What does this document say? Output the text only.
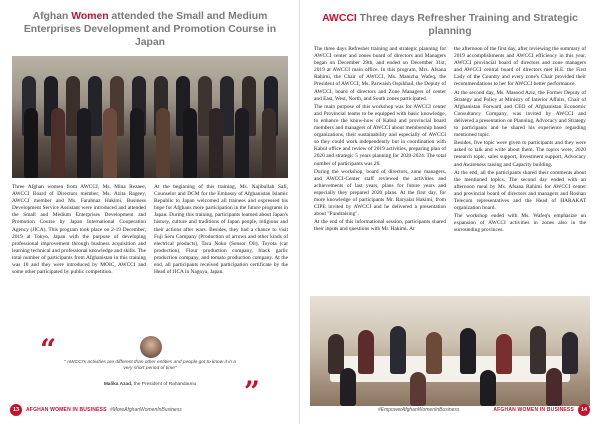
Afghan Women attended the Small and Medium Enterprises Development and Promotion Course in Japan
Three Afghan women from AWCCI, Ms. Mina Rezaee, AWCCI Board of Directors member, Ms. Azita Rageey, AWCCI member and Ms. Farahnaz Hakimi, Business Development Service Assistant were introduced and attended the Small and Medium Enterprises Development and Promotion Course by Japan International Cooperation Agency (JICA). This program took place on 2-19 December, 2019 at Tokyo, Japan with the purpose of developing professional improvement through business acquisition and learning technical and professional knowledge and skills. The total number of participants from Afghanistan in this training was 10 and they were introduced by MOIC, AWCCI and some other participated by public competition.
At the beginning of this training, Ms. Najibullah Safi, Counselor and DCM for the Embassy of Afghanistan Islamic Republic to Japan welcomed all trainees and expressed his hope for Afghans more participation in the future programs in Japan. During this training, participants learned about Japan's history, culture and traditions of Japan people, religions and their actions after wars. Besides, they had a chance to visit Fuji Seru Company (Production of arrows and other kinds of electrical products), Taca Noko (Sensor Oil), Toyota (car production), Flour production company, black garlic production company, and tomato production company. At the end, all participants received participation certificate by the Head of JICA in Nagoya, Japan.
“	" AWCCI's activities are different than other entities and people got to know it in a very short period of time"
Malika Azad, the President of Rahandaunu	”
13	AFGHAN WOMEN IN BUSINESS #MoreAfghanWomenInBusiness
AWCCI Three days Refresher Training and Strategic planning

The three days Refresher training and strategic planning for AWCCI center and zones board of directors and Managers began on December 29th, and ended on December 31st, 2019 at AWCCI main office. In this program, Mrs. Afsana Rahimi, the Chair of AWCCI, Ms. Manizha Wafeq, the President of AWCCI, Ms. Parwaish Ospikhail, the Deputy of AWCCI, board of directors and Zone Managers of center and East, West, North, and South zones participated.

The main purpose of this workshop was for AWCCI center and Provincial teams to be equipped with basic knowledge, to enhance the know-how of Kabul and provincial board members and managers of AWCCI about membership based organizations, their sustainability and especially of AWCCI so they could work independently but in coordination with Kabul office and review of 2019 activities, preparing plan of 2020 and strategic 5 years planning for 2020-2024. The total number of participants was 26.

During the workshop, board of directors, zone managers, and AWCCI-Center staff reviewed the activities and achievements of last years, plans for future years and especially they prepared 2020 plans. At the first day, for more knowledge of participants Mr. Baryalai Hakimi, from CIPE invited by AWCCI and he delivered a presentation about "Fundraising".

At the end of this informational session, participants shared their inputs and questions with Mr. Hakimi. At

the afternoon of the first day, after reviewing the summary of 2019 accomplishments and AWCCI efficiency in this year, AWCCI provincial board of directors and zone managers and AWCCI central board of directors met H.E. the First Lady of the Country and every zone's Chair provided their recommendations to her for AWCCI better performance.

At the second day, Ms. Masood Aziz, the Former Deputy of Strategy and Policy at Ministry of Interior Affairs, Chair of Afghanistan Forward and CEO of Afghanistan Economic Consultancy Company, was invited by AWCCI and delivered a presentation on Planning, Advocacy and Strategy to participants and he shared his experience regarding mentioned topic.

Besides, five topic were given to participants and they were asked to talk and write about them. The topics were, 2020 research topic, sales support, Investment support, Advocacy and Awareness raising and Capacity building.

At the end, all the participants shared their comments about the mentioned topics. The second day ended with an afternoon meal by Ms. Afsana Rahimi for AWCCI center and provincial board of directors and managers and Roshan Telecom representatives and the Head of HARAKAT organization board.

The workshop ended with Ms. Wafeq's emphasize on expansion of AWCCI activities in zones also in the surrounding provinces.

#EmpowerAfghanWomenInBusiness	AFGHAN WOMEN IN BUSINESS	14
